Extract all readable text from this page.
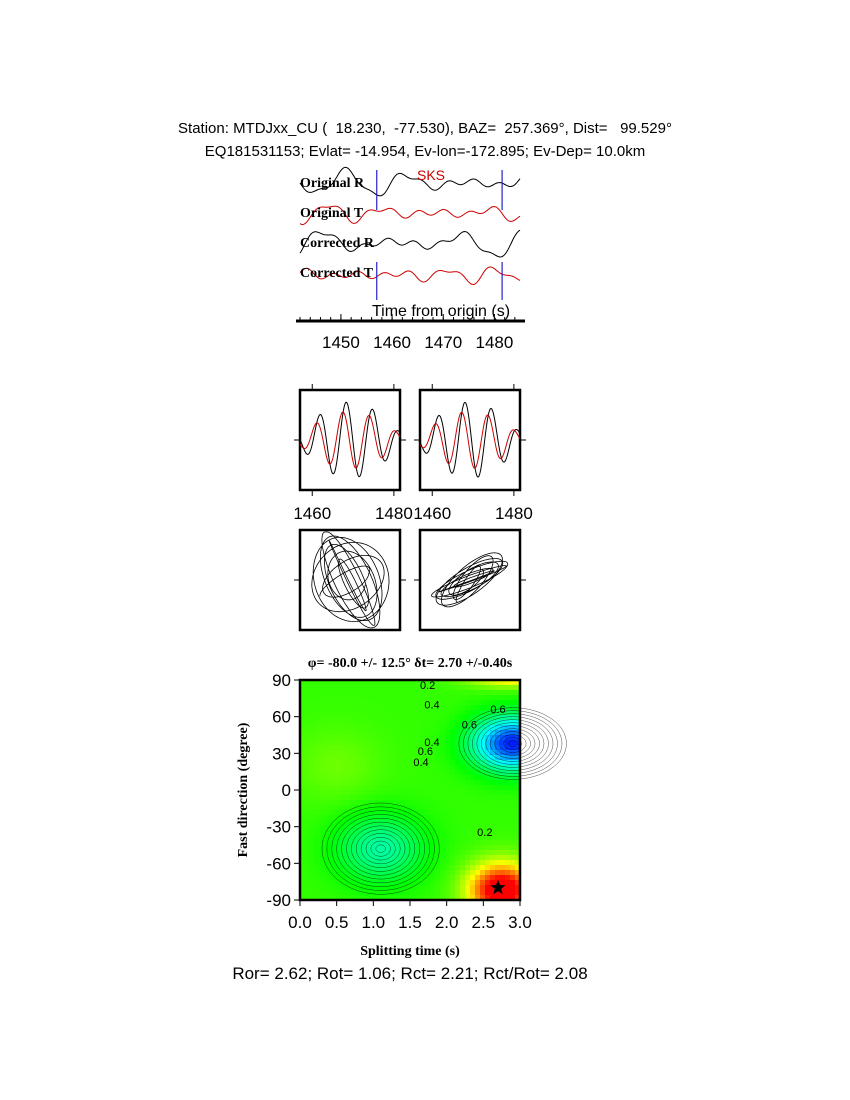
Station: MTDJxx_CU (  18.230,  -77.530), BAZ=  257.369°, Dist=   99.529°
EQ181531153; Evlat= -14.954, Ev-lon=-172.895; Ev-Dep= 10.0km
Original R
Original T
Corrected R
Corrected T
SKS
Time from origin (s)
1450 1460 1470 1480
1460	1480 1460	1480
φ= -80.0 +/- 12.5° δt= 2.70 +/-0.40s
0.2
0.4	0.6
0.6
0.4
0.6
0.4
0.2
0.0 0.5 1.0 1.5 2.0 2.5 3.0
90
60
30
0
-30
-60
-90
Splitting time (s)
Fast direction (degree)
Ror= 2.62; Rot= 1.06; Rct= 2.21; Rct/Rot= 2.08
